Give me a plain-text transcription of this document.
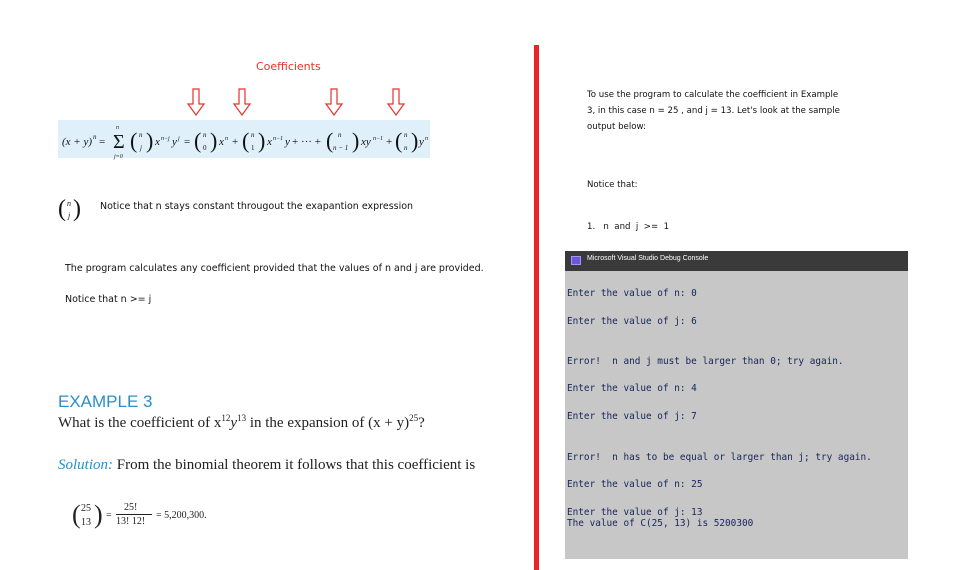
Coefficients
(x + y) n = Σ
n
j=0
( n
j ) x n−j y j = ( n
0 ) x n + ( n
1 ) x n−1 y + ··· + ( n
n − 1 ) xy n−1 + ( n
n ) y n
( n
j ) Notice that n stays constant througout the exapantion expression
The program calculates any coefficient provided that the values of n and j are provided.
Notice that n >= j
EXAMPLE 3
What is the coefficient of $x^{12}y^{13}$ in the expansion of $(x + y)^{25}$?
Solution: From the binomial theorem it follows that this coefficient is
( 25
13 ) =
25!
13! 12!
= 5,200,300.
To use the program to calculate the coefficient in Example
3, in this case n = 25 , and j = 13. Let's look at the sample
output below:

Notice that:

1.   n  and  j  >=  1

Microsoft Visual Studio Debug Console
Enter the value of n: 0
Enter the value of j: 6
Error!  n and j must be larger than 0; try again.
Enter the value of n: 4
Enter the value of j: 7
Error!  n has to be equal or larger than j; try again.
Enter the value of n: 25
Enter the value of j: 13
The value of C(25, 13) is 5200300
